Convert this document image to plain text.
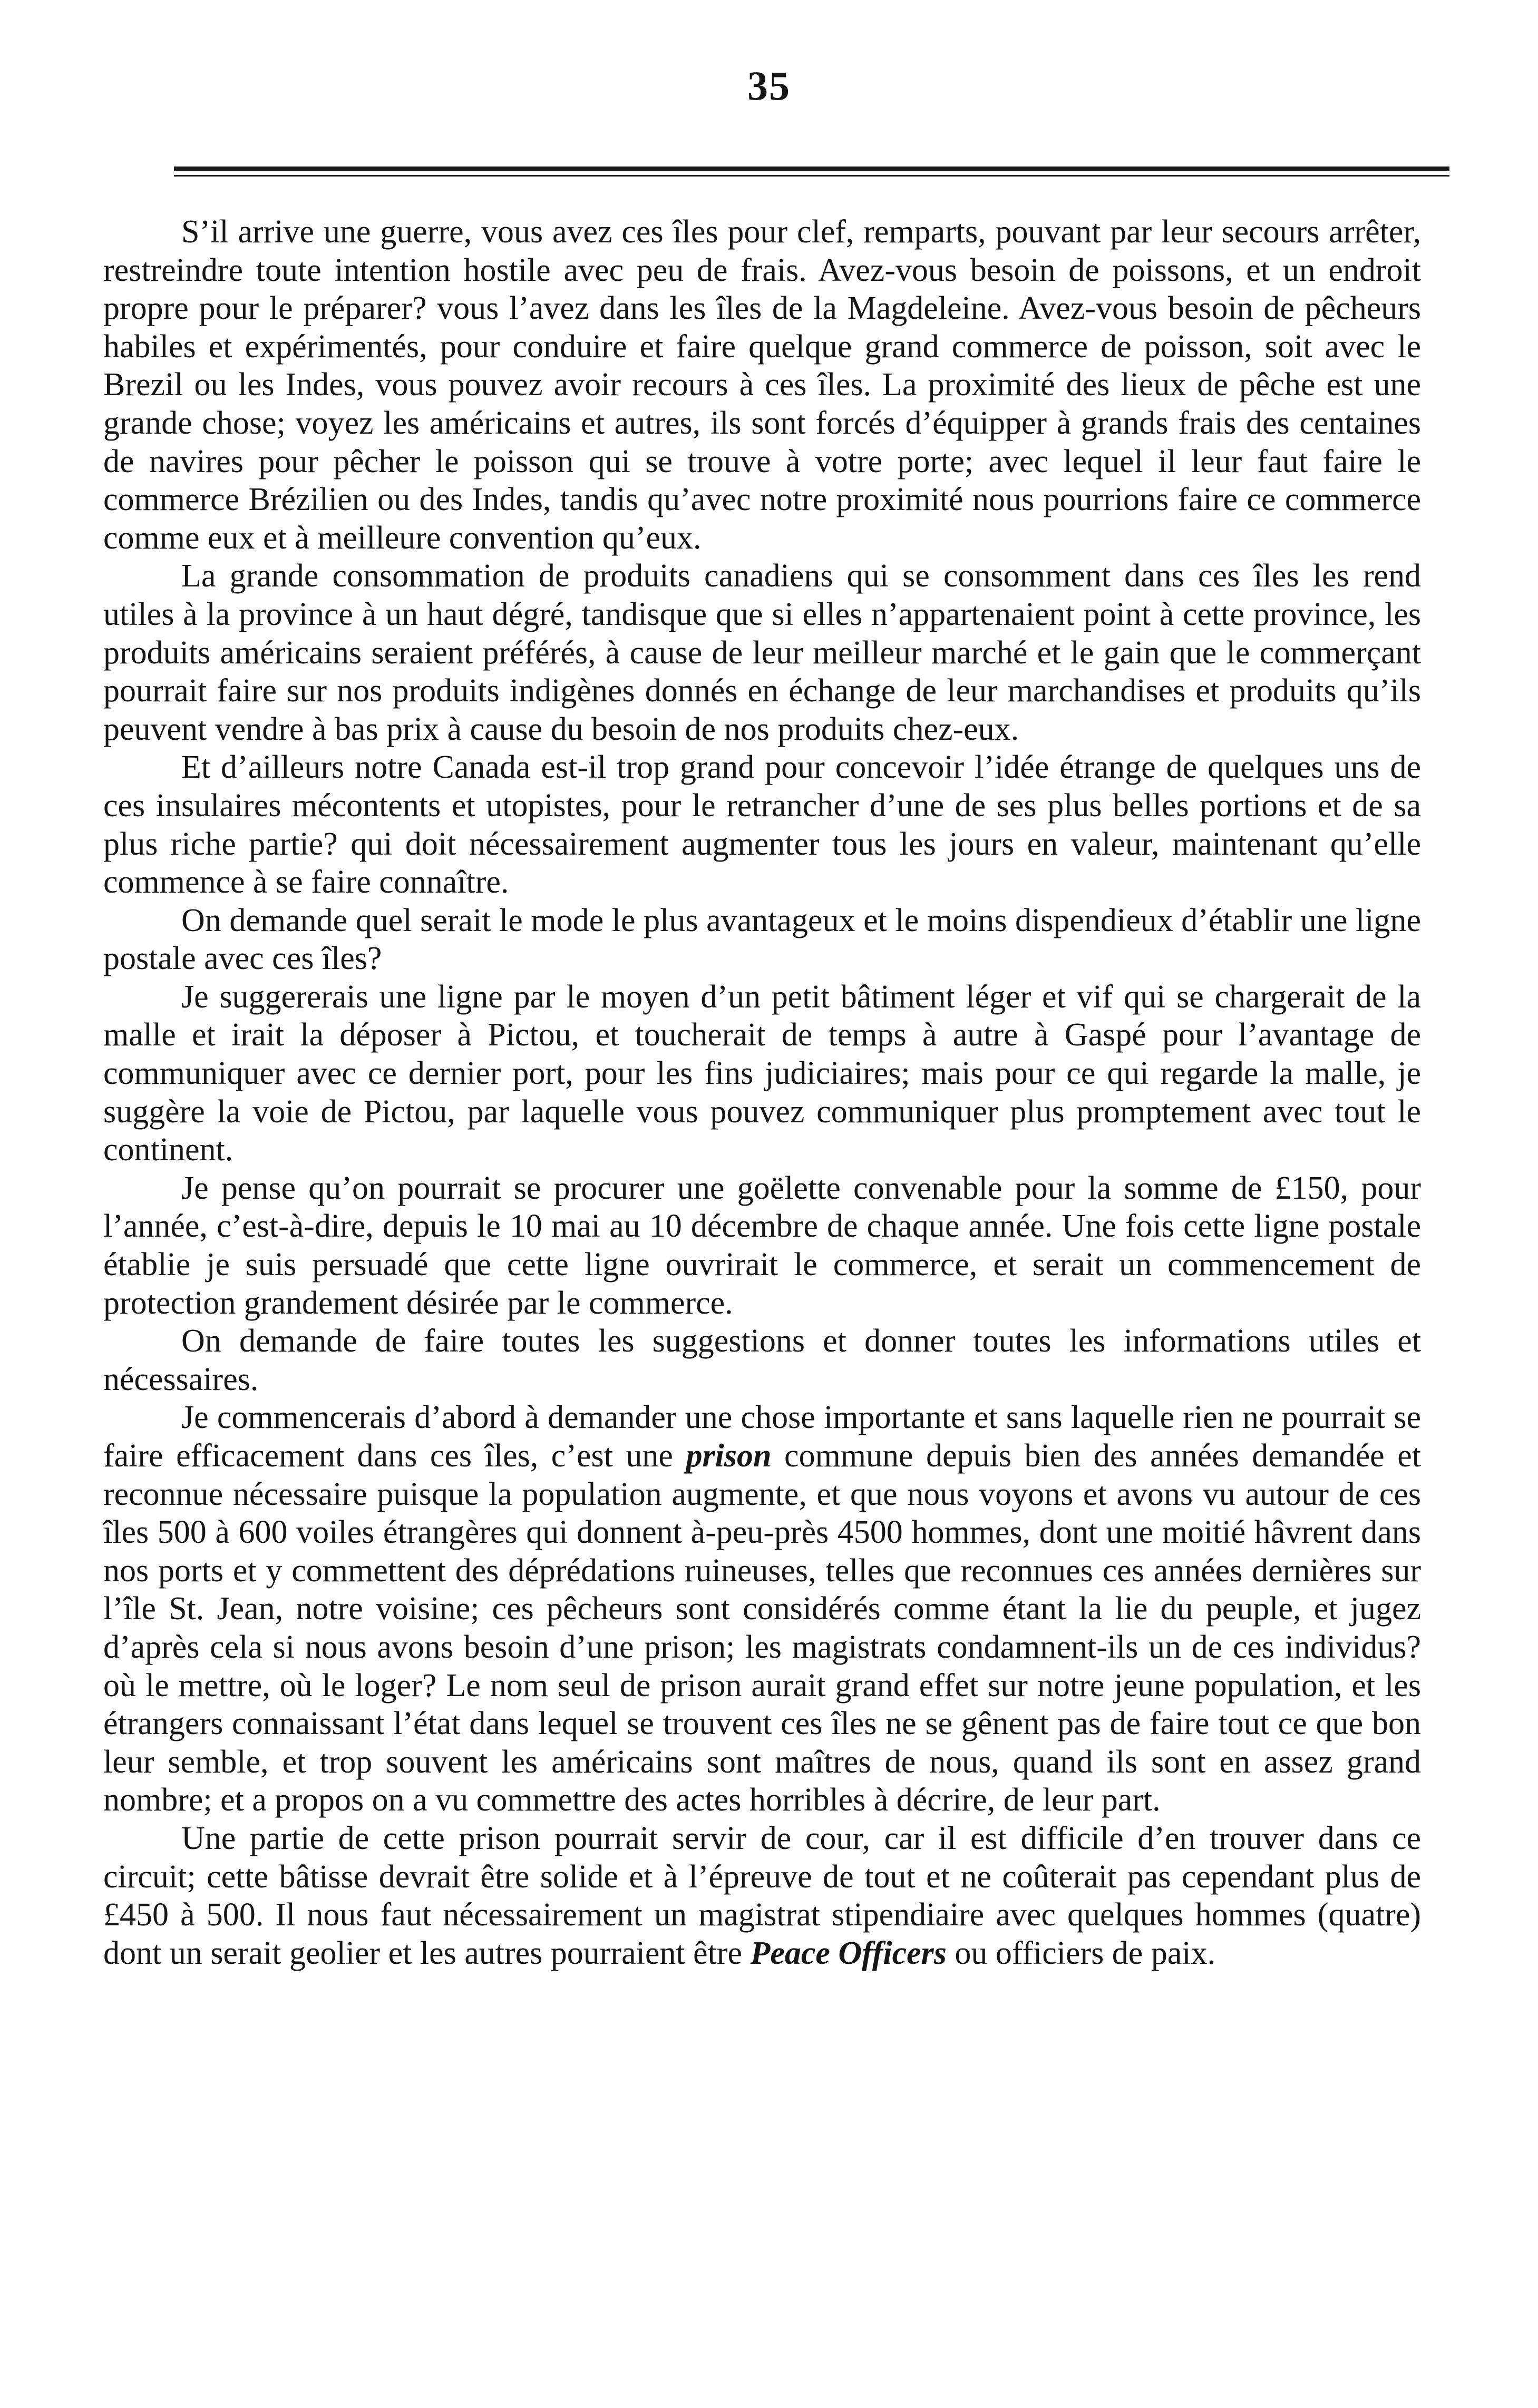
35

S’il arrive une guerre, vous avez ces îles pour clef, remparts, pouvant par leur secours arrêter, restreindre toute intention hostile avec peu de frais. Avez-vous besoin de poissons, et un endroit propre pour le préparer? vous l’avez dans les îles de la Magdeleine. Avez-vous besoin de pêcheurs habiles et expérimentés, pour conduire et faire quelque grand commerce de poisson, soit avec le Brezil ou les Indes, vous pouvez avoir recours à ces îles. La proximité des lieux de pêche est une grande chose; voyez les américains et autres, ils sont forcés d’équipper à grands frais des centaines de navires pour pêcher le poisson qui se trouve à votre porte; avec lequel il leur faut faire le commerce Brézilien ou des Indes, tandis qu’avec notre proximité nous pourrions faire ce commerce comme eux et à meilleure convention qu’eux.

La grande consommation de produits canadiens qui se consomment dans ces îles les rend utiles à la province à un haut dégré, tandisque que si elles n’appartenaient point à cette province, les produits américains seraient préférés, à cause de leur meilleur marché et le gain que le commerçant pourrait faire sur nos produits indigènes donnés en échange de leur marchandises et produits qu’ils peuvent vendre à bas prix à cause du besoin de nos produits chez-eux.

Et d’ailleurs notre Canada est-il trop grand pour concevoir l’idée étrange de quelques uns de ces insulaires mécontents et utopistes, pour le retrancher d’une de ses plus belles portions et de sa plus riche partie? qui doit nécessairement augmenter tous les jours en valeur, maintenant qu’elle commence à se faire connaître.

On demande quel serait le mode le plus avantageux et le moins dispendieux d’établir une ligne postale avec ces îles?

Je suggererais une ligne par le moyen d’un petit bâtiment léger et vif qui se chargerait de la malle et irait la déposer à Pictou, et toucherait de temps à autre à Gaspé pour l’avantage de communiquer avec ce dernier port, pour les fins judiciaires; mais pour ce qui regarde la malle, je suggère la voie de Pictou, par laquelle vous pouvez communiquer plus promptement avec tout le continent.

Je pense qu’on pourrait se procurer une goëlette convenable pour la somme de £150, pour l’année, c’est-à-dire, depuis le 10 mai au 10 décembre de chaque année. Une fois cette ligne postale établie je suis persuadé que cette ligne ouvrirait le commerce, et serait un commencement de protection grandement désirée par le commerce.

On demande de faire toutes les suggestions et donner toutes les informations utiles et nécessaires.

Je commencerais d’abord à demander une chose importante et sans laquelle rien ne pourrait se faire efficacement dans ces îles, c’est une prison commune depuis bien des années demandée et reconnue nécessaire puisque la population augmente, et que nous voyons et avons vu autour de ces îles 500 à 600 voiles étrangères qui donnent à-peu-près 4500 hommes, dont une moitié hâvrent dans nos ports et y commettent des déprédations ruineuses, telles que reconnues ces années dernières sur l’île St. Jean, notre voisine; ces pêcheurs sont considérés comme étant la lie du peuple, et jugez d’après cela si nous avons besoin d’une prison; les magistrats condamnent-ils un de ces individus? où le mettre, où le loger? Le nom seul de prison aurait grand effet sur notre jeune population, et les étrangers connaissant l’état dans lequel se trouvent ces îles ne se gênent pas de faire tout ce que bon leur semble, et trop souvent les américains sont maîtres de nous, quand ils sont en assez grand nombre; et a propos on a vu commettre des actes horribles à décrire, de leur part.

Une partie de cette prison pourrait servir de cour, car il est difficile d’en trouver dans ce circuit; cette bâtisse devrait être solide et à l’épreuve de tout et ne coûterait pas cependant plus de £450 à 500. Il nous faut nécessairement un magistrat stipendiaire avec quelques hommes (quatre) dont un serait geolier et les autres pourraient être Peace Officers ou officiers de paix.
